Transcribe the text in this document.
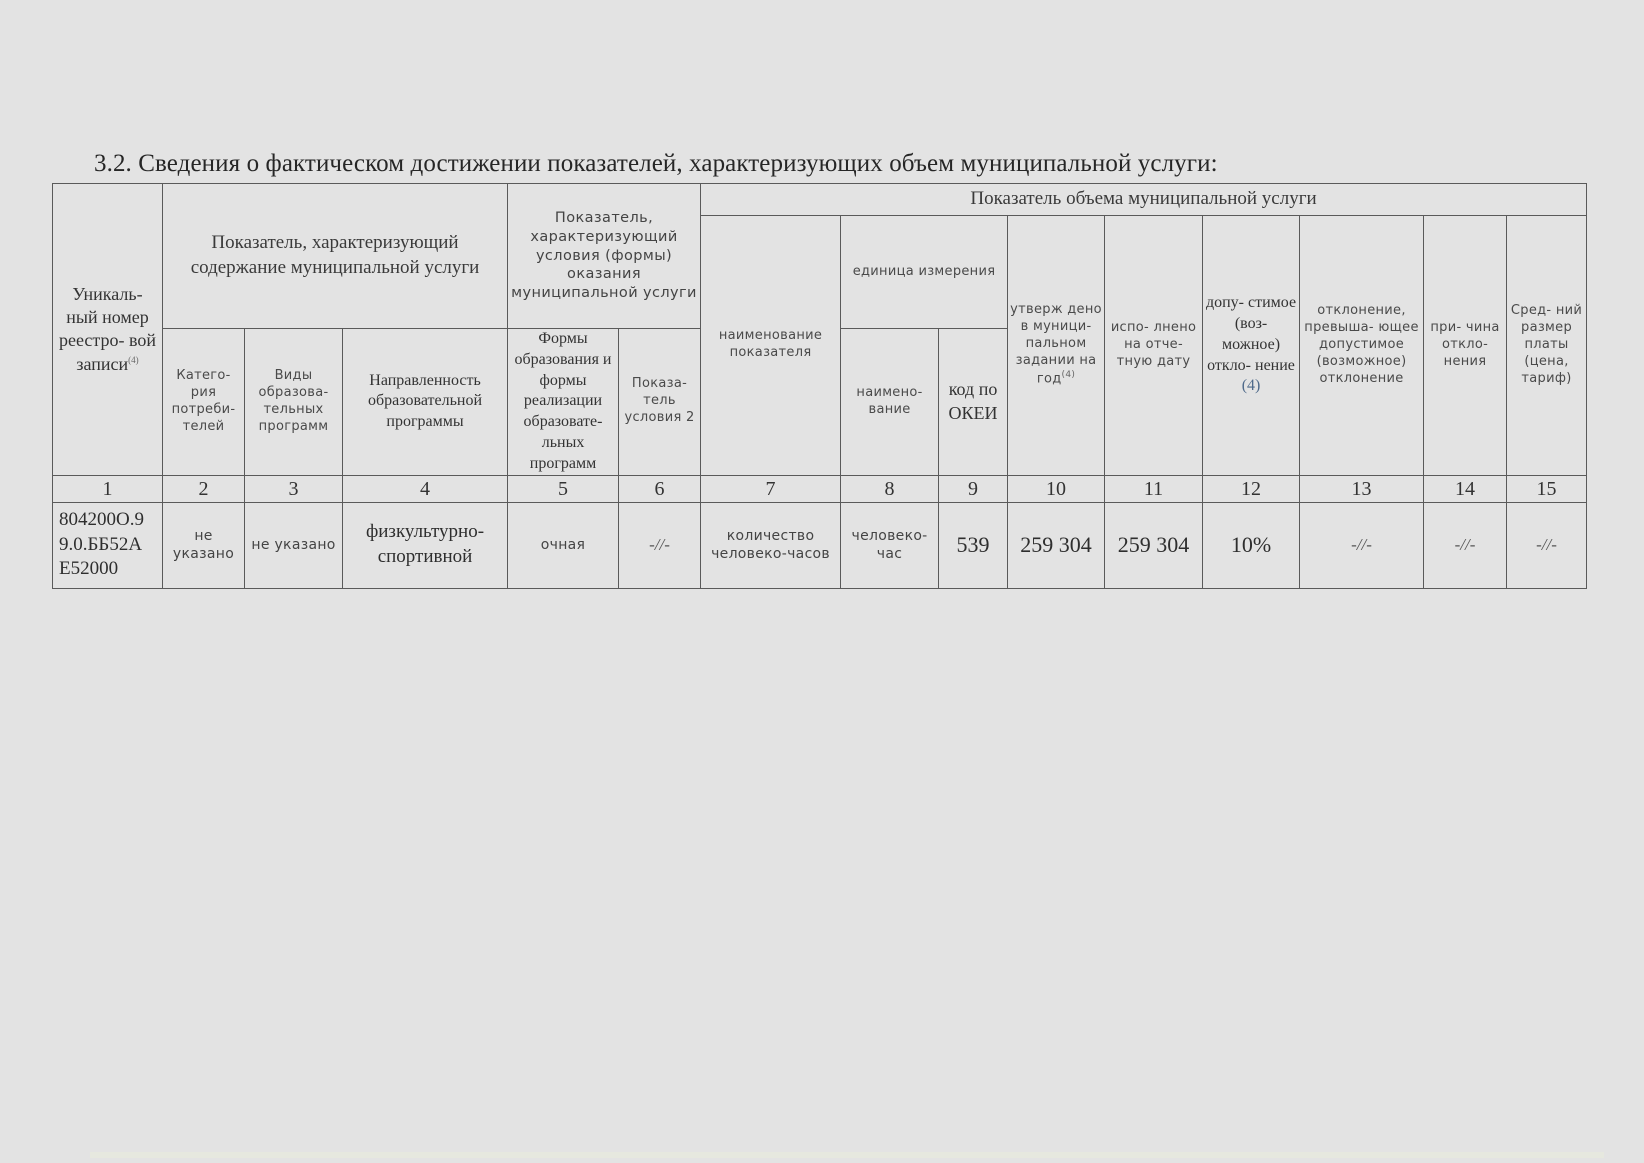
3.2. Сведения о фактическом достижении показателей, характеризующих объем муниципальной услуги:
Уникаль- ный номер реестро- вой записи$^{(4)}$	Показатель, характеризующий содержание муниципальной услуги			Показатель, характеризующий условия (формы) оказания муниципальной услуги		Показатель объема муниципальной услуги								
						наименование показателя	единица измерения		утверж дено в муници- пальном задании на год$^{(4)}$	испо- лнено на отче- тную дату	допу- стимое (воз- можное) откло- нение (4)	отклонение, превыша- ющее допустимое (возможное) отклонение	при- чина откло- нения	Сред- ний размер платы (цена, тариф)
	Катего- рия потреби- телей	Виды образова- тельных программ	Направленность образовательной программы	Формы образования и формы реализации образовате- льных программ	Показа- тель условия 2		наимено- вание	код по ОКЕИ						
1	2	3	4	5	6	7	8	9	10	11	12	13	14	15

804200О.9
9.0.ББ52А
Е52000	не указано	не указано	физкультурно-спортивной	очная	-//-	количество человеко-часов	человеко-час	539	259 304	259 304	10%	-//-	-//-	-//-
